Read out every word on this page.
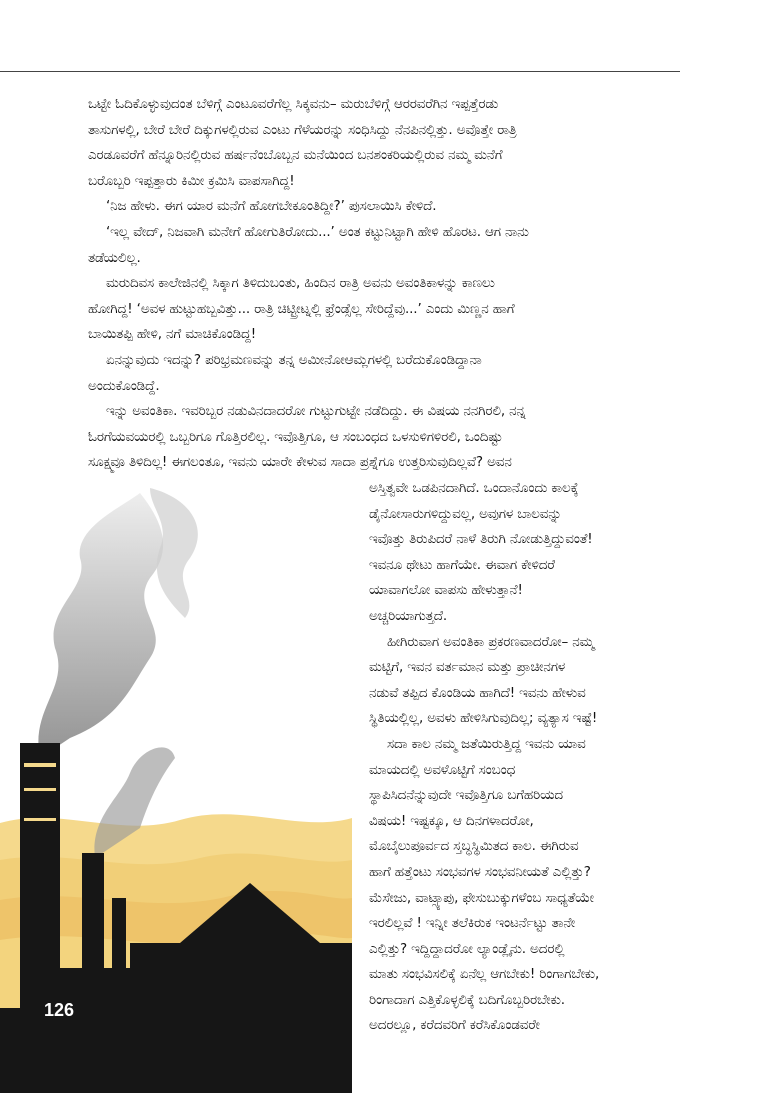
ಒಟ್ಟೇ ಓದಿಕೊಳ್ಳುವುದಂತ ಬೆಳಿಗ್ಗೆ ಎಂಟೂವರೆಗೆಲ್ಲ ಸಿಕ್ಕವನು– ಮರುಬೆಳಿಗ್ಗೆ ಆರರವರೆಗಿನ ಇಪ್ಪತ್ತೆರಡು
ತಾಸುಗಳಲ್ಲಿ, ಬೇರೆ ಬೇರೆ ದಿಕ್ಕುಗಳಲ್ಲಿರುವ ಎಂಟು ಗೆಳೆಯರನ್ನು ಸಂಧಿಸಿದ್ದು ನೆನಪಿನಲ್ಲಿತ್ತು. ಅವೊತ್ತೇ ರಾತ್ರಿ
ಎರಡೂವರೆಗೆ ಹೆನ್ನೂರಿನಲ್ಲಿರುವ ಹರ್ಷನೆಂಬೊಬ್ಬನ ಮನೆಯಿಂದ ಬನಶಂಕರಿಯಲ್ಲಿರುವ ನಮ್ಮ ಮನೆಗೆ
ಬರೊಬ್ಬರಿ ಇಪ್ಪತ್ತಾರು ಕಿಮೀ ಕ್ರಮಿಸಿ ವಾಪಸಾಗಿದ್ದ!
‘ನಿಜ ಹೇಳು. ಈಗ ಯಾರ ಮನೆಗೆ ಹೋಗಬೇಕೂಂತಿದ್ದೀ?’ ಪುಸಲಾಯಿಸಿ ಕೇಳಿದೆ.
‘ಇಲ್ಲ ವೇದ್, ನಿಜವಾಗಿ ಮನೇಗೆ ಹೋಗುತಿರೋದು...’ ಅಂತ ಕಟ್ಟುನಿಟ್ಟಾಗಿ ಹೇಳಿ ಹೊರಟ. ಆಗ ನಾನು
ತಡೆಯಲಿಲ್ಲ.
ಮರುದಿವಸ ಕಾಲೇಜಿನಲ್ಲಿ ಸಿಕ್ಕಾಗ ತಿಳಿದುಬಂತು, ಹಿಂದಿನ ರಾತ್ರಿ ಅವನು ಅವಂತಿಕಾಳನ್ನು ಕಾಣಲು
ಹೋಗಿದ್ದ! ‘ಅವಳ ಹುಟ್ಟುಹಬ್ಬವಿತ್ತು... ರಾತ್ರಿ ಚಿಟ್ಟ್ರೀಟ್ನಲ್ಲಿ ಫ್ರೆಂಡ್ಸೆಲ್ಲ ಸೇರಿದ್ದೆವು...’ ಎಂದು ಮಿಣ್ಣನ ಹಾಗೆ
ಬಾಯಿತಪ್ಪಿ ಹೇಳಿ, ನಗೆ ಮಾಚಿಕೊಂಡಿದ್ದ!
ಏನನ್ನುವುದು ಇದನ್ನು? ಪರಿಭ್ರಮಣವನ್ನು ತನ್ನ ಅಮೀನೋಆಮ್ಲಗಳಲ್ಲಿ ಬರೆದುಕೊಂಡಿದ್ದಾನಾ
ಅಂದುಕೊಂಡಿದ್ದೆ.
ಇನ್ನು ಅವಂತಿಕಾ. ಇವರಿಬ್ಬರ ನಡುವಿನದಾದರೋ ಗುಟ್ಟುಗುಟ್ಟೇ ನಡೆದಿದ್ದು. ಈ ವಿಷಯ ನನಗಿರಲಿ, ನನ್ನ
ಓರಗೆಯವಯರಲ್ಲಿ ಒಬ್ಬರಿಗೂ ಗೊತ್ತಿರಲಿಲ್ಲ. ಇವೊತ್ತಿಗೂ, ಆ ಸಂಬಂಧದ ಒಳಸುಳಿಗಳಿರಲಿ, ಒಂದಿಷ್ಟು
ಸೂಕ್ಷ್ಮವೂ ತಿಳಿದಿಲ್ಲ! ಈಗಲಂತೂ, ಇವನು ಯಾರೇ ಕೇಳುವ ಸಾದಾ ಪ್ರಶ್ನೆಗೂ ಉತ್ತರಿಸುವುದಿಲ್ಲವೆ? ಅವನ
ಅಸ್ತಿತ್ವವೇ ಒಡಪಿನದಾಗಿದೆ. ಒಂದಾನೊಂದು ಕಾಲಕ್ಕೆ
ಡೈನೋಸಾರುಗಳಿದ್ದುವಲ್ಲ, ಅವುಗಳ ಬಾಲವನ್ನು
ಇವೊತ್ತು ತಿರುಪಿದರೆ ನಾಳೆ ತಿರುಗಿ ನೋಡುತ್ತಿದ್ದುವಂತೆ!
ಇವನೂ ಥೇಟು ಹಾಗೆಯೇ. ಈವಾಗ ಕೇಳಿದರೆ
ಯಾವಾಗಲೋ ವಾಪಸು ಹೇಳುತ್ತಾನೆ!
ಅಚ್ಚರಿಯಾಗುತ್ತದೆ.
ಹೀಗಿರುವಾಗ ಅವಂತಿಕಾ ಪ್ರಕರಣವಾದರೋ– ನಮ್ಮ
ಮಟ್ಟಿಗೆ, ಇವನ ವರ್ತಮಾನ ಮತ್ತು ಪ್ರಾಚೀನಗಳ
ನಡುವೆ ತಪ್ಪಿದ ಕೊಂಡಿಯ ಹಾಗಿದೆ! ಇವನು ಹೇಳುವ
ಸ್ಥಿತಿಯಲ್ಲಿಲ್ಲ, ಅವಳು ಹೇಳಿಸಿಗುವುದಿಲ್ಲ; ವ್ಯತ್ಯಾಸ ಇಷ್ಟೆ!
ಸದಾ ಕಾಲ ನಮ್ಮ ಜತೆಯಿರುತ್ತಿದ್ದ ಇವನು ಯಾವ
ಮಾಯದಲ್ಲಿ ಅವಳೊಟ್ಟಿಗೆ ಸಂಬಂಧ
ಸ್ಥಾಪಿಸಿದನೆನ್ನುವುದೇ ಇವೊತ್ತಿಗೂ ಬಗೆಹರಿಯದ
ವಿಷಯ! ಇಷ್ಟಕ್ಕೂ, ಆ ದಿನಗಳಾದರೋ,
ಮೊಬೈಲುಪೂರ್ವದ ಸ್ತಬ್ಧಸ್ಥಿಮಿತದ ಕಾಲ. ಈಗಿರುವ
ಹಾಗೆ ಹತ್ತೆಂಟು ಸಂಭವಗಳ ಸಂಭವನೀಯತೆ ಎಲ್ಲಿತ್ತು?
ಮೆಸೇಜು, ವಾಟ್ಸ್ಯಾಪು, ಫೇಸುಬುಕ್ಕುಗಳೆಂಬ ಸಾಧ್ಯತೆಯೇ
ಇರಲಿಲ್ಲವೆ ! ಇನ್ನೀ ತಲೆಕಿರುಕ ಇಂಟರ್ನೆಟ್ಟು ತಾನೇ
ಎಲ್ಲಿತ್ತು? ಇದ್ದಿದ್ದಾದರೋ ಲ್ಯಾಂಡ್ಲೈನು. ಅದರಲ್ಲಿ
ಮಾತು ಸಂಭವಿಸಲಿಕ್ಕೆ ಏನೆಲ್ಲ ಆಗಬೇಕು! ರಿಂಗಾಗಬೇಕು,
ರಿಂಗಾದಾಗ ಎತ್ತಿಕೊಳ್ಳಲಿಕ್ಕೆ ಬದಿಗೊಬ್ಬರಿರಬೇಕು.
ಅದರಲ್ಲೂ, ಕರೆದವರಿಗೆ ಕರೆಸಿಕೊಂಡವರೇ
126
